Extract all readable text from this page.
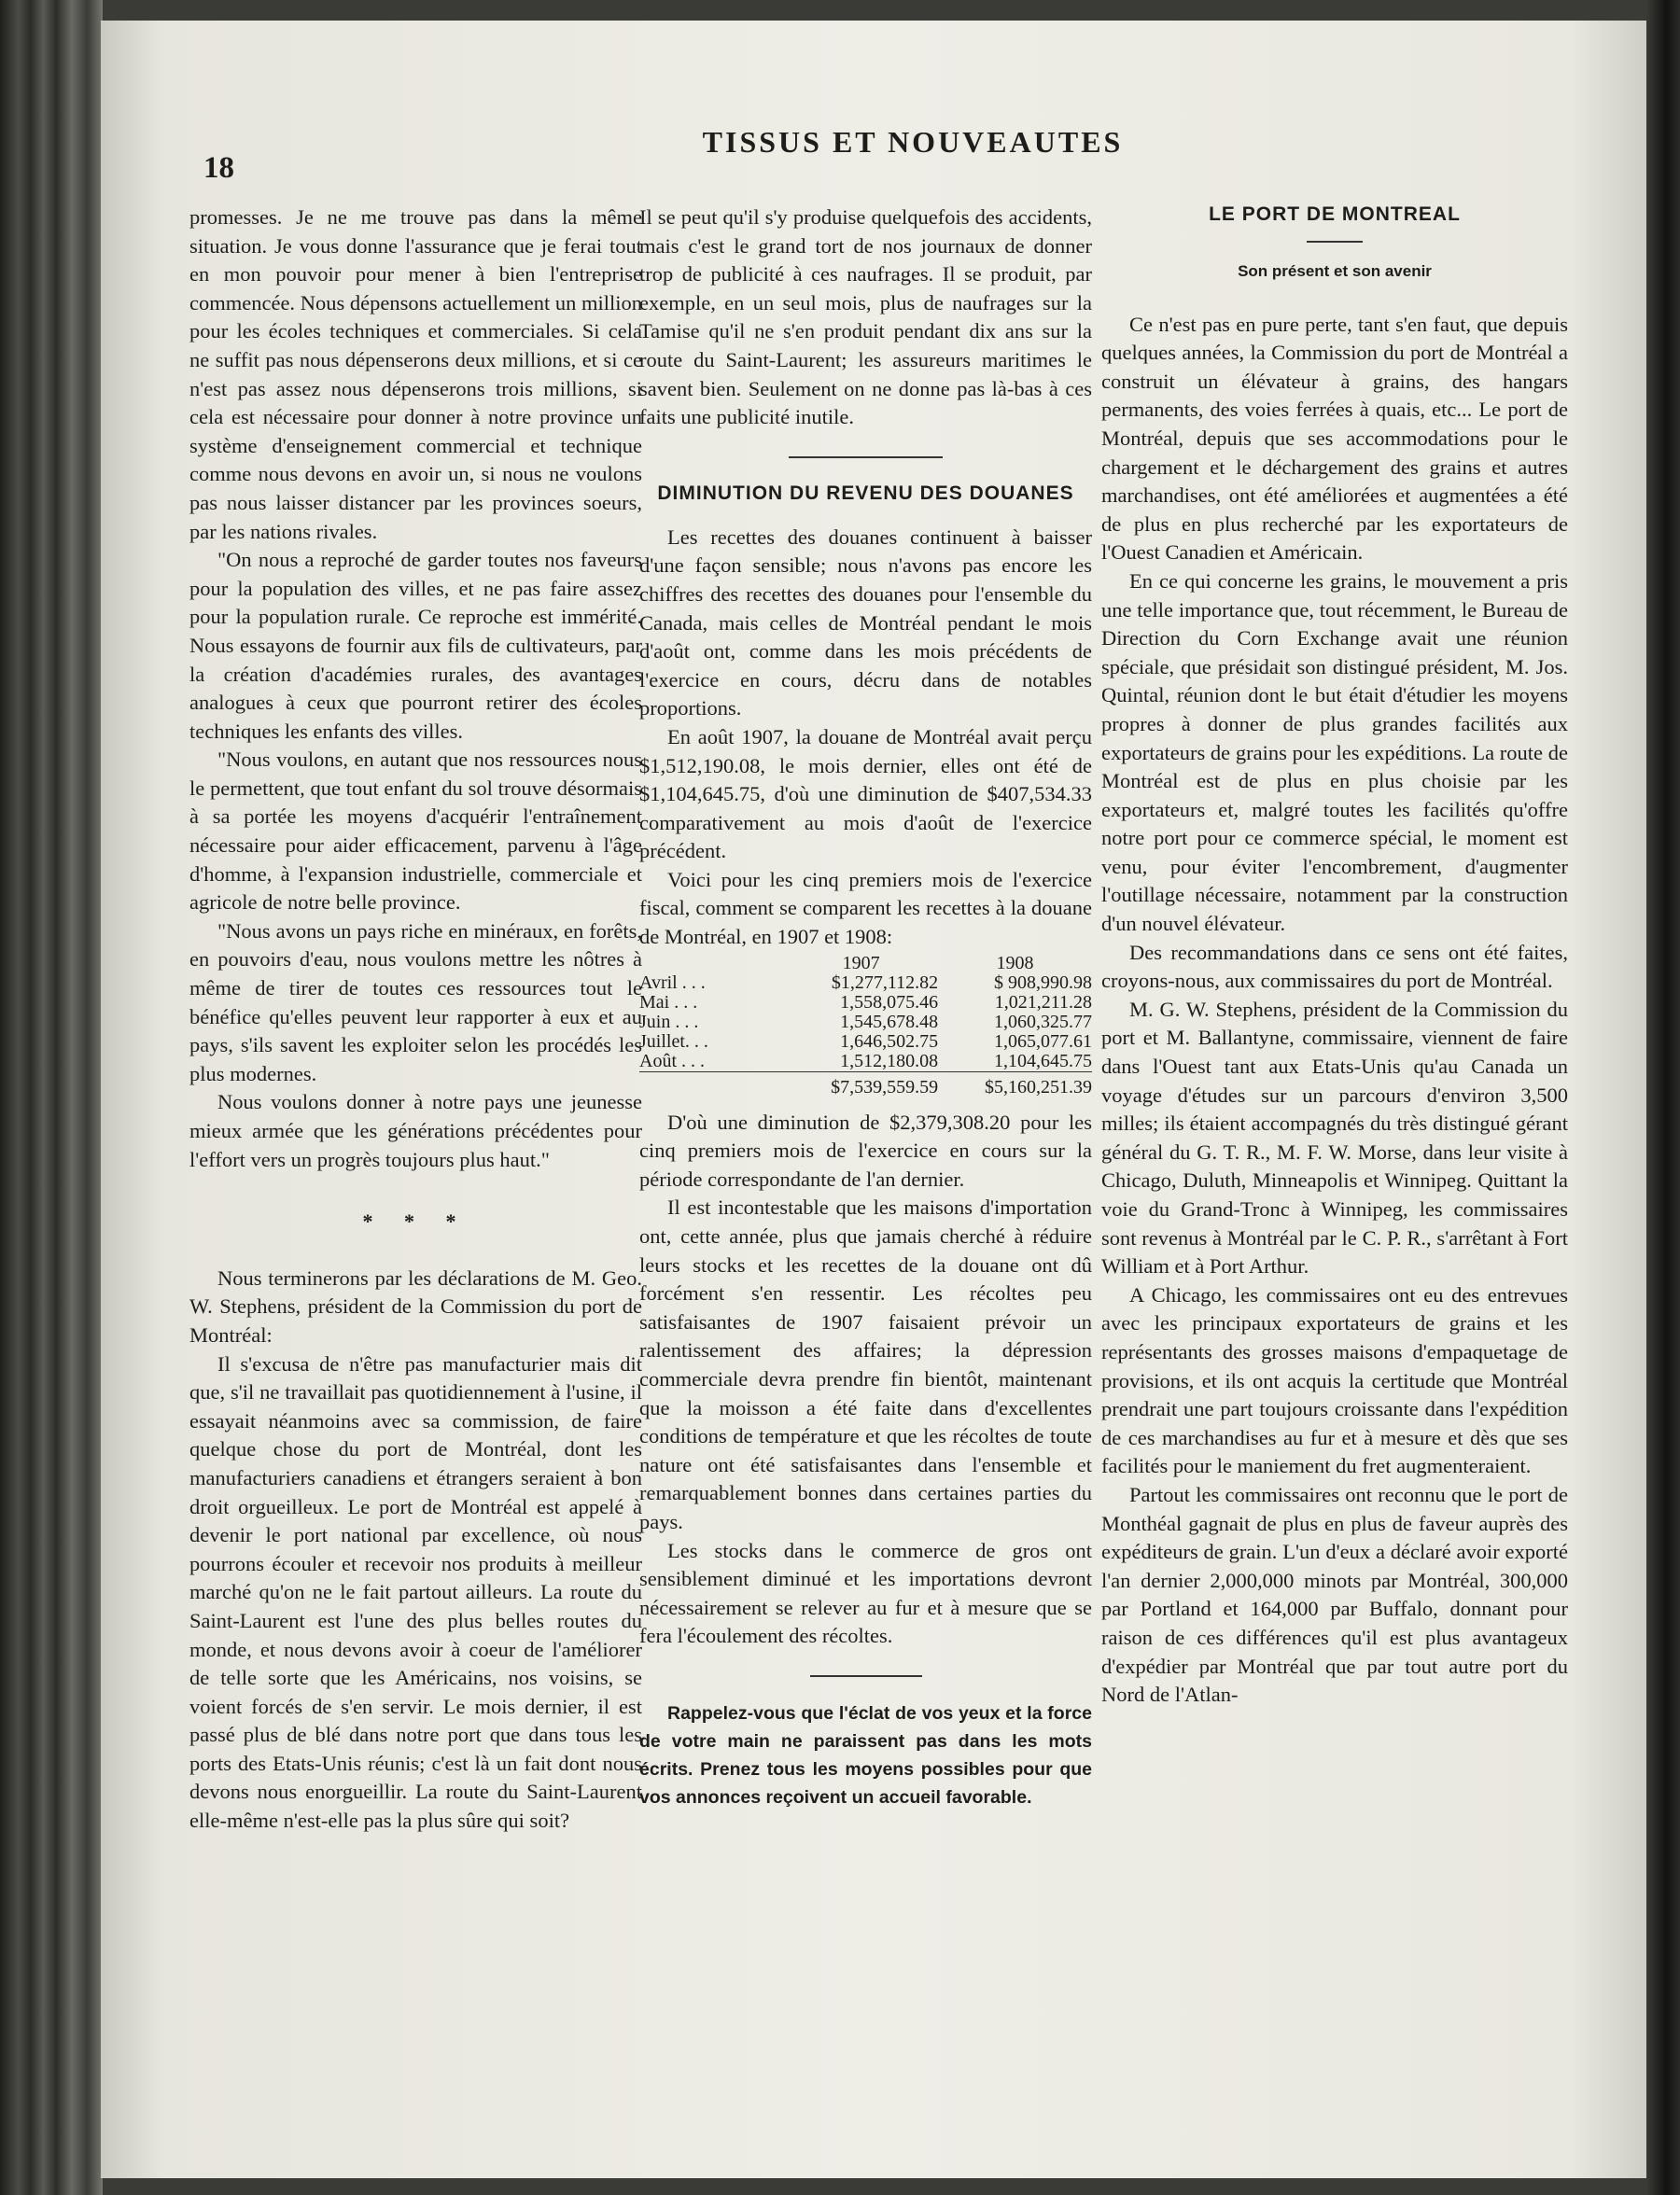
18
TISSUS ET NOUVEAUTES

promesses. Je ne me trouve pas dans la même situation. Je vous donne l'assurance que je ferai tout en mon pouvoir pour mener à bien l'entreprise commencée. Nous dépensons actuellement un million pour les écoles techniques et commerciales. Si cela ne suffit pas nous dépenserons deux millions, et si ce n'est pas assez nous dépenserons trois millions, si cela est nécessaire pour donner à notre province un système d'enseignement commercial et technique comme nous devons en avoir un, si nous ne voulons pas nous laisser distancer par les provinces soeurs, par les nations rivales.

"On nous a reproché de garder toutes nos faveurs pour la population des villes, et ne pas faire assez pour la population rurale. Ce reproche est immérité. Nous essayons de fournir aux fils de cultivateurs, par la création d'académies rurales, des avantages analogues à ceux que pourront retirer des écoles techniques les enfants des villes.

"Nous voulons, en autant que nos ressources nous le permettent, que tout enfant du sol trouve désormais à sa portée les moyens d'acquérir l'entraînement nécessaire pour aider efficacement, parvenu à l'âge d'homme, à l'expansion industrielle, commerciale et agricole de notre belle province.

"Nous avons un pays riche en minéraux, en forêts, en pouvoirs d'eau, nous voulons mettre les nôtres à même de tirer de toutes ces ressources tout le bénéfice qu'elles peuvent leur rapporter à eux et au pays, s'ils savent les exploiter selon les procédés les plus modernes.

Nous voulons donner à notre pays une jeunesse mieux armée que les générations précédentes pour l'effort vers un progrès toujours plus haut."

* * *

Nous terminerons par les déclarations de M. Geo. W. Stephens, président de la Commission du port de Montréal:

Il s'excusa de n'être pas manufacturier mais dit que, s'il ne travaillait pas quotidiennement à l'usine, il essayait néanmoins avec sa commission, de faire quelque chose du port de Montréal, dont les manufacturiers canadiens et étrangers seraient à bon droit orgueilleux. Le port de Montréal est appelé à devenir le port national par excellence, où nous pourrons écouler et recevoir nos produits à meilleur marché qu'on ne le fait partout ailleurs. La route du Saint-Laurent est l'une des plus belles routes du monde, et nous devons avoir à coeur de l'améliorer de telle sorte que les Américains, nos voisins, se voient forcés de s'en servir. Le mois dernier, il est passé plus de blé dans notre port que dans tous les ports des Etats-Unis réunis; c'est là un fait dont nous devons nous enorgueillir. La route du Saint-Laurent elle-même n'est-elle pas la plus sûre qui soit?

Il se peut qu'il s'y produise quelquefois des accidents, mais c'est le grand tort de nos journaux de donner trop de publicité à ces naufrages. Il se produit, par exemple, en un seul mois, plus de naufrages sur la Tamise qu'il ne s'en produit pendant dix ans sur la route du Saint-Laurent; les assureurs maritimes le savent bien. Seulement on ne donne pas là-bas à ces faits une publicité inutile.

DIMINUTION DU REVENU DES DOUANES

Les recettes des douanes continuent à baisser d'une façon sensible; nous n'avons pas encore les chiffres des recettes des douanes pour l'ensemble du Canada, mais celles de Montréal pendant le mois d'août ont, comme dans les mois précédents de l'exercice en cours, décru dans de notables proportions.

En août 1907, la douane de Montréal avait perçu $1,512,190.08, le mois dernier, elles ont été de $1,104,645.75, d'où une diminution de $407,534.33 comparativement au mois d'août de l'exercice précédent.

Voici pour les cinq premiers mois de l'exercice fiscal, comment se comparent les recettes à la douane de Montréal, en 1907 et 1908:

	1907	1908
Avril . . .	$1,277,112.82	$ 908,990.98
Mai . . .	1,558,075.46	1,021,211.28
Juin . . .	1,545,678.48	1,060,325.77
Juillet. . .	1,646,502.75	1,065,077.61
Août . . .	1,512,180.08	1,104,645.75
	$7,539,559.59	$5,160,251.39

D'où une diminution de $2,379,308.20 pour les cinq premiers mois de l'exercice en cours sur la période correspondante de l'an dernier.

Il est incontestable que les maisons d'importation ont, cette année, plus que jamais cherché à réduire leurs stocks et les recettes de la douane ont dû forcément s'en ressentir. Les récoltes peu satisfaisantes de 1907 faisaient prévoir un ralentissement des affaires; la dépression commerciale devra prendre fin bientôt, maintenant que la moisson a été faite dans d'excellentes conditions de température et que les récoltes de toute nature ont été satisfaisantes dans l'ensemble et remarquablement bonnes dans certaines parties du pays.

Les stocks dans le commerce de gros ont sensiblement diminué et les importations devront nécessairement se relever au fur et à mesure que se fera l'écoulement des récoltes.

Rappelez-vous que l'éclat de vos yeux et la force de votre main ne paraissent pas dans les mots écrits. Prenez tous les moyens possibles pour que vos annonces reçoivent un accueil favorable.

LE PORT DE MONTREAL
Son présent et son avenir

Ce n'est pas en pure perte, tant s'en faut, que depuis quelques années, la Commission du port de Montréal a construit un élévateur à grains, des hangars permanents, des voies ferrées à quais, etc... Le port de Montréal, depuis que ses accommodations pour le chargement et le déchargement des grains et autres marchandises, ont été améliorées et augmentées a été de plus en plus recherché par les exportateurs de l'Ouest Canadien et Américain.

En ce qui concerne les grains, le mouvement a pris une telle importance que, tout récemment, le Bureau de Direction du Corn Exchange avait une réunion spéciale, que présidait son distingué président, M. Jos. Quintal, réunion dont le but était d'étudier les moyens propres à donner de plus grandes facilités aux exportateurs de grains pour les expéditions. La route de Montréal est de plus en plus choisie par les exportateurs et, malgré toutes les facilités qu'offre notre port pour ce commerce spécial, le moment est venu, pour éviter l'encombrement, d'augmenter l'outillage nécessaire, notamment par la construction d'un nouvel élévateur.

Des recommandations dans ce sens ont été faites, croyons-nous, aux commissaires du port de Montréal.

M. G. W. Stephens, président de la Commission du port et M. Ballantyne, commissaire, viennent de faire dans l'Ouest tant aux Etats-Unis qu'au Canada un voyage d'études sur un parcours d'environ 3,500 milles; ils étaient accompagnés du très distingué gérant général du G. T. R., M. F. W. Morse, dans leur visite à Chicago, Duluth, Minneapolis et Winnipeg. Quittant la voie du Grand-Tronc à Winnipeg, les commissaires sont revenus à Montréal par le C. P. R., s'arrêtant à Fort William et à Port Arthur.

A Chicago, les commissaires ont eu des entrevues avec les principaux exportateurs de grains et les représentants des grosses maisons d'empaquetage de provisions, et ils ont acquis la certitude que Montréal prendrait une part toujours croissante dans l'expédition de ces marchandises au fur et à mesure et dès que ses facilités pour le maniement du fret augmenteraient.

Partout les commissaires ont reconnu que le port de Monthéal gagnait de plus en plus de faveur auprès des expéditeurs de grain. L'un d'eux a déclaré avoir exporté l'an dernier 2,000,000 minots par Montréal, 300,000 par Portland et 164,000 par Buffalo, donnant pour raison de ces différences qu'il est plus avantageux d'expédier par Montréal que par tout autre port du Nord de l'Atlan-
